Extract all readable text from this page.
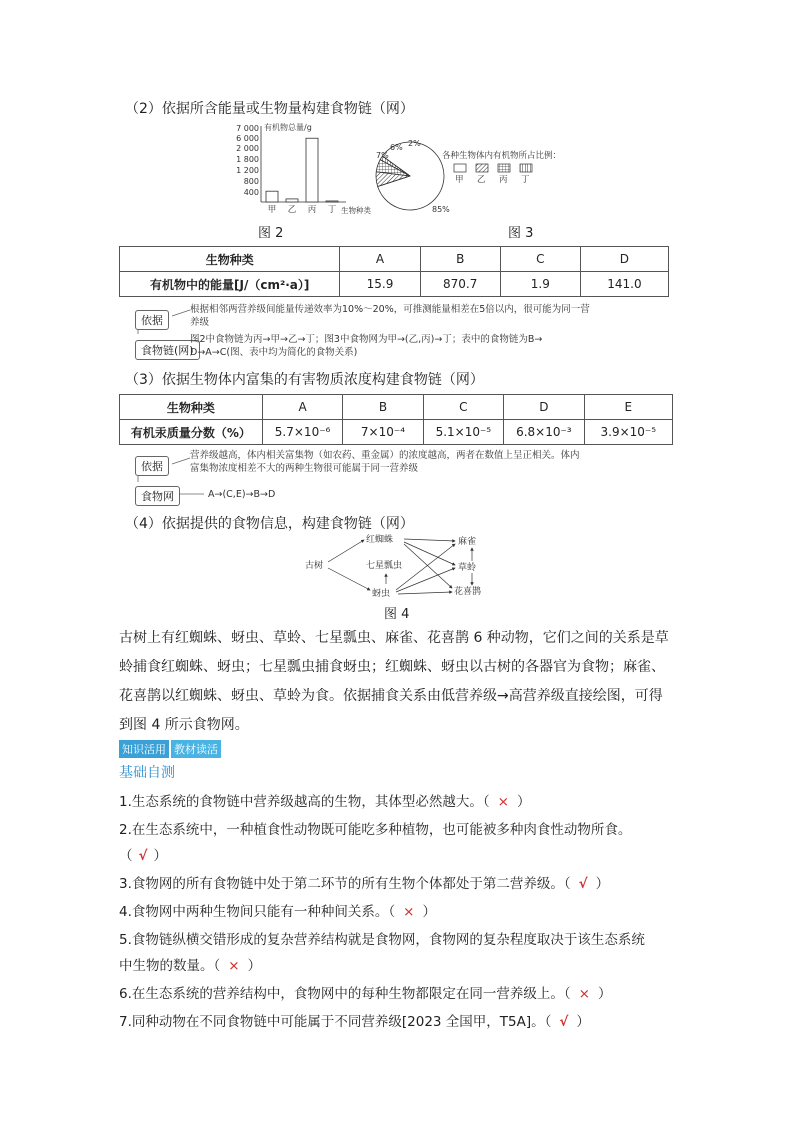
（2）依据所含能量或生物量构建食物链（网）
7 000
6 000
2 000
1 800
1 200
800
400
有机物总量/g
甲 乙 丙 丁 生物种类
图 2
85%
7%
6% 2%
各种生物体内有机物所占比例：
甲 乙 丙 丁
图 3
生物种类	A	B	C	D
有机物中的能量[J/（cm²·a）]	15.9	870.7	1.9	141.0
依据
根据相邻两营养级间能量传递效率为10%～20%，可推测能量相差在5倍以内，很可能为同一营
养级
食物链(网)
图2中食物链为丙→甲→乙→丁；图3中食物网为甲→(乙,丙)→丁；表中的食物链为B→
D→A→C(图、表中均为简化的食物关系)
（3）依据生物体内富集的有害物质浓度构建食物链（网）
生物种类	A	B	C	D	E
有机汞质量分数（%）	5.7×10⁻⁶	7×10⁻⁴	5.1×10⁻⁵	6.8×10⁻³	3.9×10⁻⁵
依据
营养级越高，体内相关富集物（如农药、重金属）的浓度越高，两者在数值上呈正相关。体内
富集物浓度相差不大的两种生物很可能属于同一营养级
食物网	A→(C,E)→B→D
（4）依据提供的食物信息，构建食物链（网）
古树
红蜘蛛
七星瓢虫
蚜虫
麻雀
草蛉
花喜鹊
图 4
古树上有红蜘蛛、蚜虫、草蛉、七星瓢虫、麻雀、花喜鹊 6 种动物，它们之间的关系是草
蛉捕食红蜘蛛、蚜虫；七星瓢虫捕食蚜虫；红蜘蛛、蚜虫以古树的各器官为食物；麻雀、
花喜鹊以红蜘蛛、蚜虫、草蛉为食。依据捕食关系由低营养级→高营养级直接绘图，可得
到图 4 所示食物网。
知识活用 教材读活
基础自测
1.生态系统的食物链中营养级越高的生物，其体型必然越大。（ × ）
2.在生态系统中，一种植食性动物既可能吃多种植物，也可能被多种肉食性动物所食。
（ √ ）
3.食物网的所有食物链中处于第二环节的所有生物个体都处于第二营养级。（ √ ）
4.食物网中两种生物间只能有一种种间关系。（ × ）
5.食物链纵横交错形成的复杂营养结构就是食物网，食物网的复杂程度取决于该生态系统
中生物的数量。（ × ）
6.在生态系统的营养结构中，食物网中的每种生物都限定在同一营养级上。（ × ）
7.同种动物在不同食物链中可能属于不同营养级[2023 全国甲，T5A]。（ √ ）
